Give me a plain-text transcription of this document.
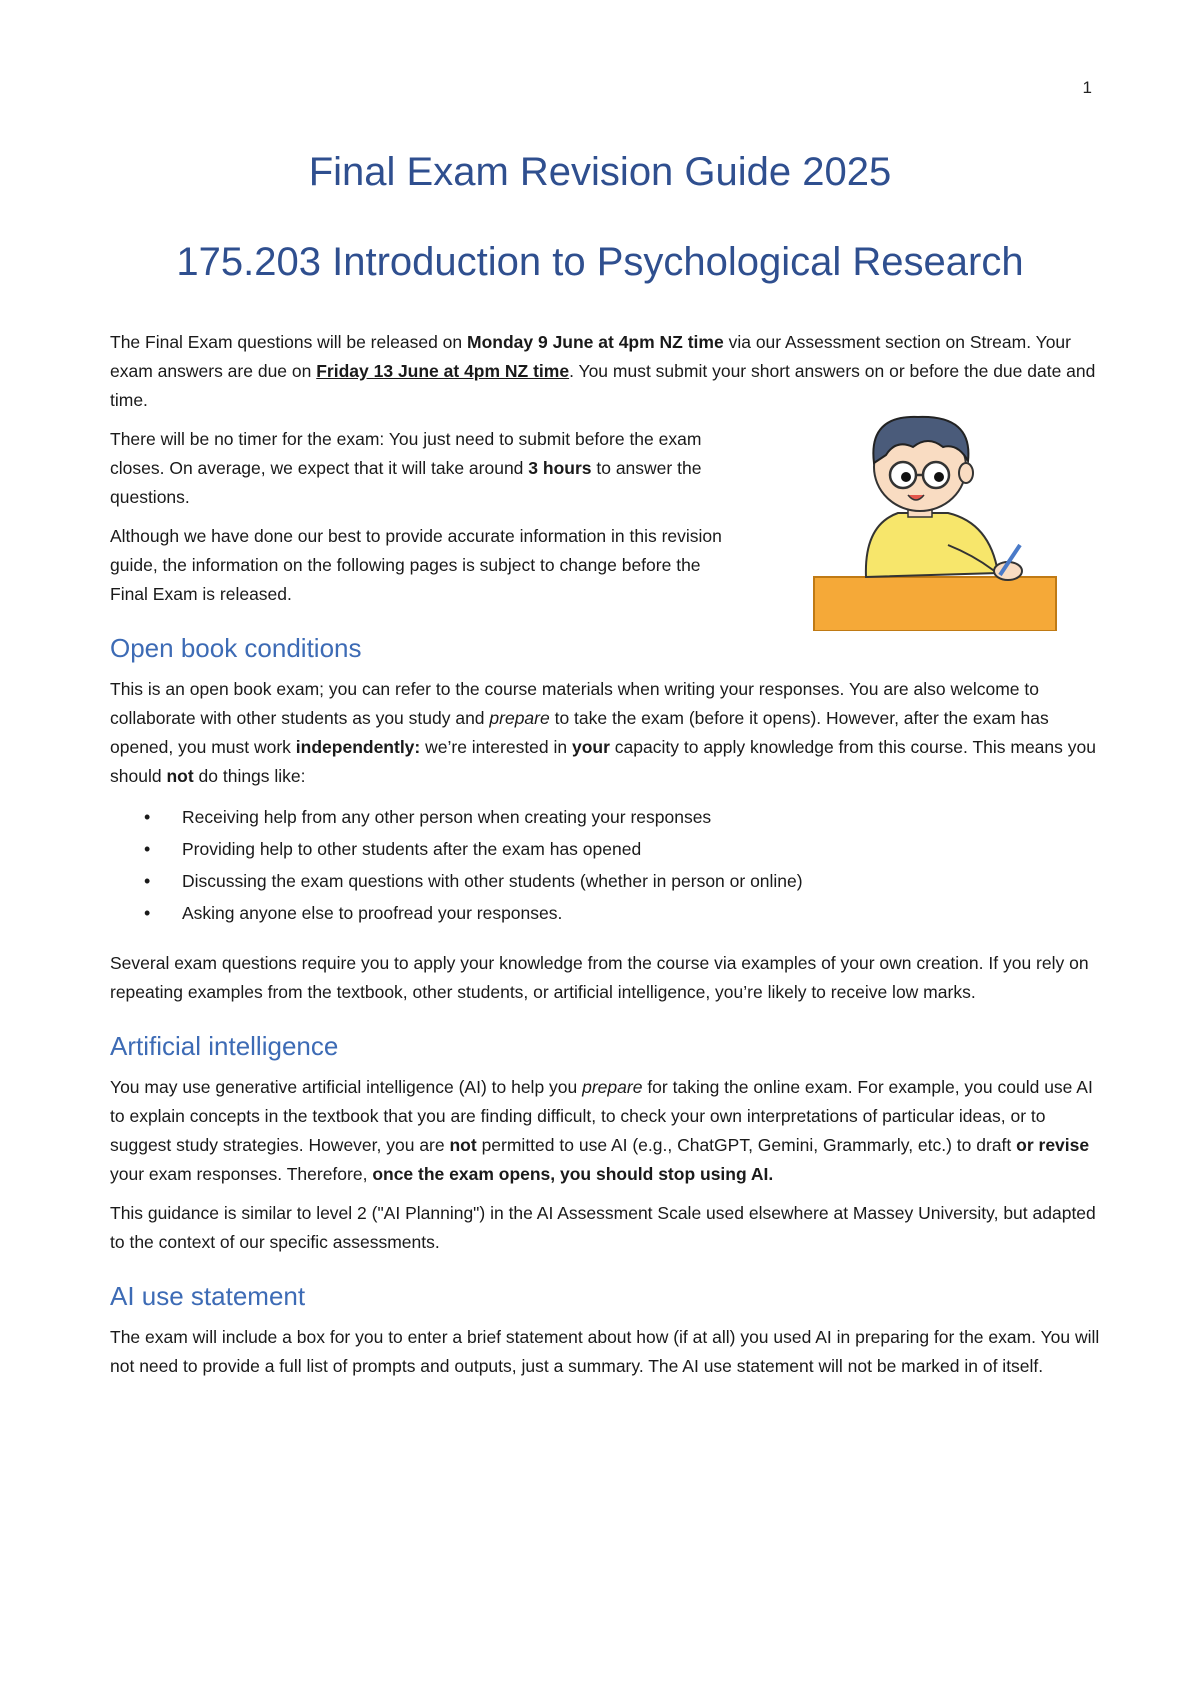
1
Final Exam Revision Guide 2025
175.203 Introduction to Psychological Research

The Final Exam questions will be released on Monday 9 June at 4pm NZ time via our Assessment section on Stream. Your exam answers are due on Friday 13 June at 4pm NZ time. You must submit your short answers on or before the due date and time.

There will be no timer for the exam: You just need to submit before the exam closes. On average, we expect that it will take around 3 hours to answer the questions.

Although we have done our best to provide accurate information in this revision guide, the information on the following pages is subject to change before the Final Exam is released.

Open book conditions

This is an open book exam; you can refer to the course materials when writing your responses. You are also welcome to collaborate with other students as you study and prepare to take the exam (before it opens). However, after the exam has opened, you must work independently: we’re interested in your capacity to apply knowledge from this course. This means you should not do things like:

• Receiving help from any other person when creating your responses
• Providing help to other students after the exam has opened
• Discussing the exam questions with other students (whether in person or online)
• Asking anyone else to proofread your responses.

Several exam questions require you to apply your knowledge from the course via examples of your own creation. If you rely on repeating examples from the textbook, other students, or artificial intelligence, you’re likely to receive low marks.

Artificial intelligence

You may use generative artificial intelligence (AI) to help you prepare for taking the online exam. For example, you could use AI to explain concepts in the textbook that you are finding difficult, to check your own interpretations of particular ideas, or to suggest study strategies. However, you are not permitted to use AI (e.g., ChatGPT, Gemini, Grammarly, etc.) to draft or revise your exam responses. Therefore, once the exam opens, you should stop using AI.

This guidance is similar to level 2 ("AI Planning") in the AI Assessment Scale used elsewhere at Massey University, but adapted to the context of our specific assessments.

AI use statement

The exam will include a box for you to enter a brief statement about how (if at all) you used AI in preparing for the exam. You will not need to provide a full list of prompts and outputs, just a summary. The AI use statement will not be marked in of itself.
